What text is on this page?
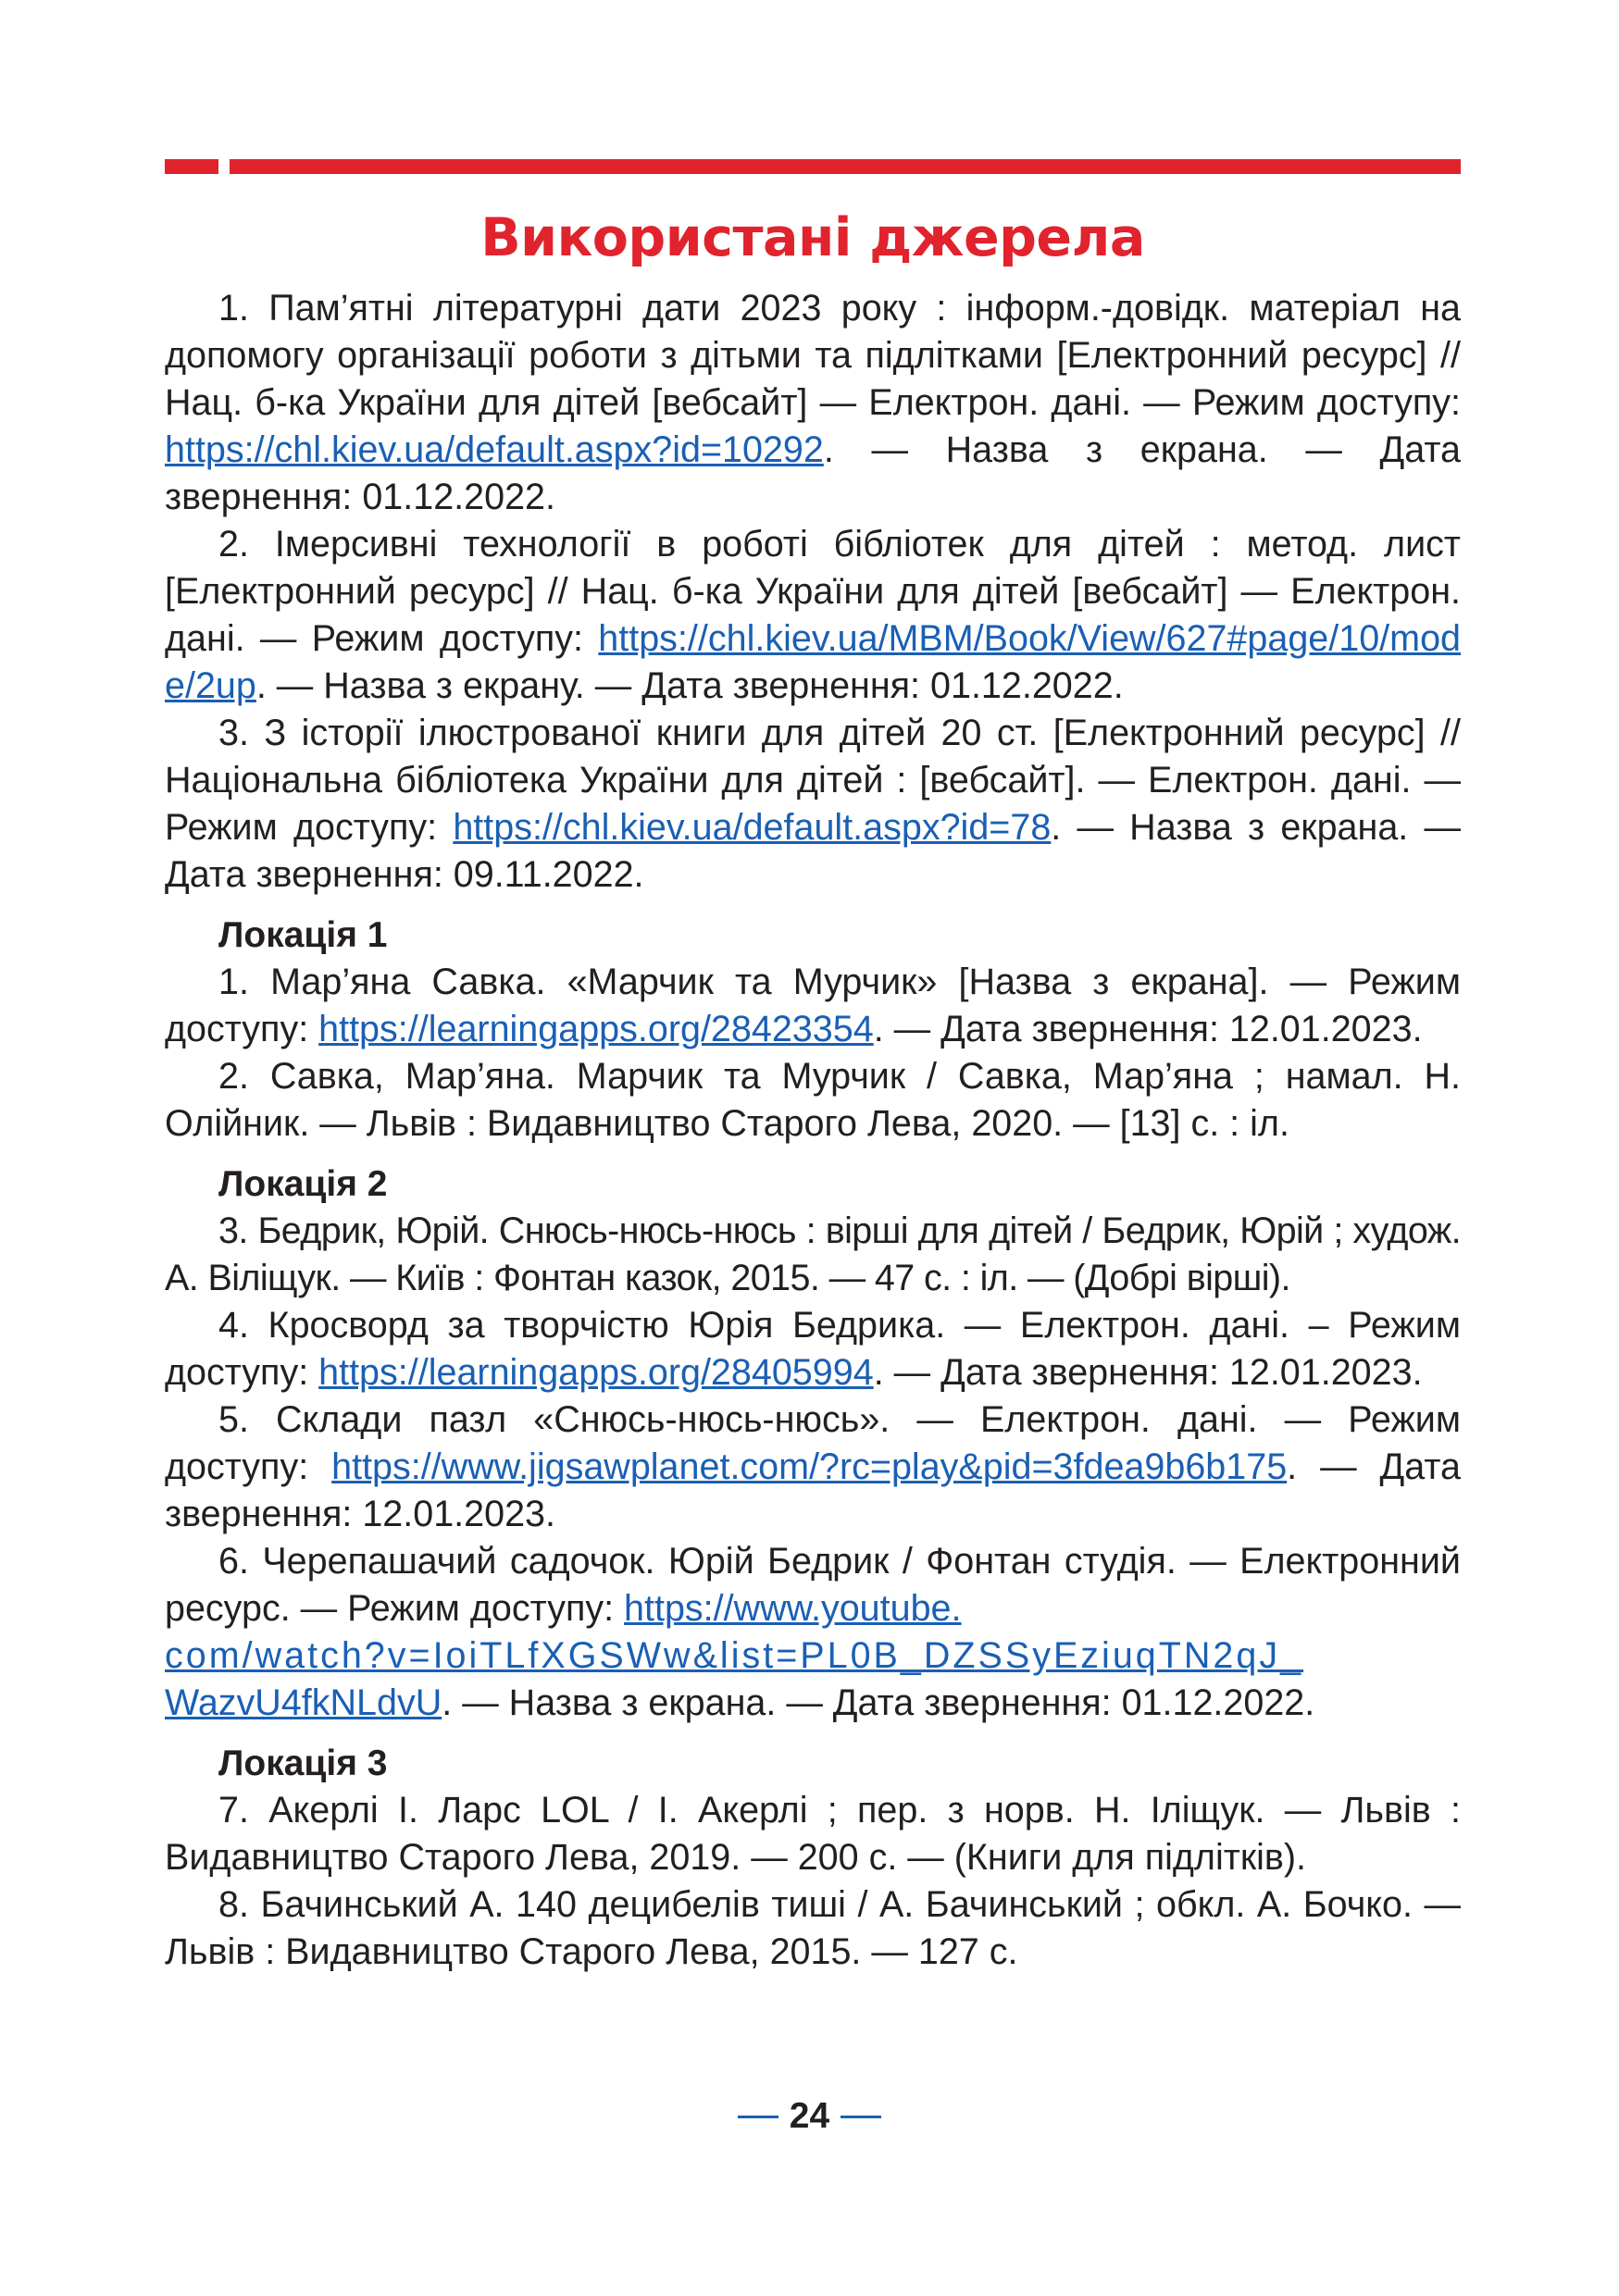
Використані джерела

1. Пам’ятні літературні дати 2023 року : інформ.-довідк. матеріал на допомогу організації роботи з дітьми та підлітками [Електронний ресурс] // Нац. б-ка України для дітей [вебсайт] — Електрон. дані. — Режим доступу: https://chl.kiev.ua/default.aspx?id=10292. — Назва з екрана. — Дата звернення: 01.12.2022.

2. Імерсивні технології в роботі бібліотек для дітей : метод. лист [Електронний ресурс] // Нац. б-ка України для дітей [вебсайт] — Електрон. дані. — Режим доступу: https://chl.kiev.ua/MBM/Book/View/627#page/10/mode/2up. — Назва з екрану. — Дата звернення: 01.12.2022.

3. З історії ілюстрованої книги для дітей 20 ст. [Електронний ресурс] // Національна бібліотека України для дітей : [вебсайт]. — Електрон. дані. — Режим доступу: https://chl.kiev.ua/default.aspx?id=78. — Назва з екрана. — Дата звернення: 09.11.2022.

Локація 1

1. Мар’яна Савка. «Марчик та Мурчик» [Назва з екрана]. — Режим доступу: https://learningapps.org/28423354. — Дата звернення: 12.01.2023.

2. Савка, Мар’яна. Марчик та Мурчик / Савка, Мар’яна ; намал. Н. Олійник. — Львів : Видавництво Старого Лева, 2020. — [13] с. : іл.

Локація 2

3. Бедрик, Юрій. Снюсь-нюсь-нюсь : вірші для дітей / Бедрик, Юрій ; худож. А. Віліщук. — Київ : Фонтан казок, 2015. — 47 с. : іл. — (Добрі вірші).

4. Кросворд за творчістю Юрія Бедрика. — Електрон. дані. – Режим доступу: https://learningapps.org/28405994. — Дата звернення: 12.01.2023.

5. Склади пазл «Снюсь-нюсь-нюсь». — Електрон. дані. — Режим доступу: https://www.jigsawplanet.com/?rc=play&pid=3fdea9b6b175. — Дата звернення: 12.01.2023.

6. Черепашачий садочок. Юрій Бедрик / Фонтан студія. — Електронний ресурс. — Режим доступу: https://www.youtube.
com/watch?v=IoiTLfXGSWw&list=PL0B_DZSSyEziuqTN2qJ_
WazvU4fkNLdvU. — Назва з екрана. — Дата звернення: 01.12.2022.

Локація 3

7. Акерлі І. Ларс LOL / І. Акерлі ; пер. з норв. Н. Іліщук. — Львів : Видавництво Старого Лева, 2019. — 200 с. — (Книги для підлітків).

8. Бачинський А. 140 децибелів тиші / А. Бачинський ; обкл. А. Бочко. — Львів : Видавництво Старого Лева, 2015. — 127 с.

24
